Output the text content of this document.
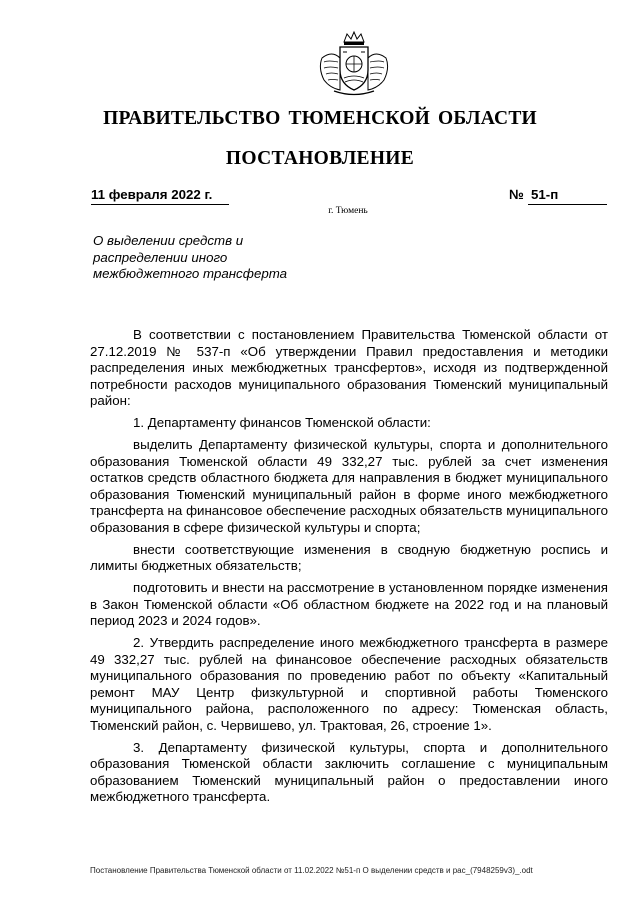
ПРАВИТЕЛЬСТВО ТЮМЕНСКОЙ ОБЛАСТИ
ПОСТАНОВЛЕНИЕ
11 февраля 2022 г.	№ 51-п
г. Тюмень
О выделении средств и
распределении иного
межбюджетного трансферта

В соответствии с постановлением Правительства Тюменской области от 27.12.2019 № 537-п «Об утверждении Правил предоставления и методики распределения иных межбюджетных трансфертов», исходя из подтвержденной потребности расходов муниципального образования Тюменский муниципальный район:

1. Департаменту финансов Тюменской области:

выделить Департаменту физической культуры, спорта и дополнительного образования Тюменской области 49 332,27 тыс. рублей за счет изменения остатков средств областного бюджета для направления в бюджет муниципального образования Тюменский муниципальный район в форме иного межбюджетного трансферта на финансовое обеспечение расходных обязательств муниципального образования в сфере физической культуры и спорта;

внести соответствующие изменения в сводную бюджетную роспись и лимиты бюджетных обязательств;

подготовить и внести на рассмотрение в установленном порядке изменения в Закон Тюменской области «Об областном бюджете на 2022 год и на плановый период 2023 и 2024 годов».

2. Утвердить распределение иного межбюджетного трансферта в размере 49 332,27 тыс. рублей на финансовое обеспечение расходных обязательств муниципального образования по проведению работ по объекту «Капитальный ремонт МАУ Центр физкультурной и спортивной работы Тюменского муниципального района, расположенного по адресу: Тюменская область, Тюменский район, с. Червишево, ул. Трактовая, 26, строение 1».

3. Департаменту физической культуры, спорта и дополнительного образования Тюменской области заключить соглашение с муниципальным образованием Тюменский муниципальный район о предоставлении иного межбюджетного трансферта.

Постановление Правительства Тюменской области от 11.02.2022 №51-п О выделении средств и рас_(7948259v3)_.odt
